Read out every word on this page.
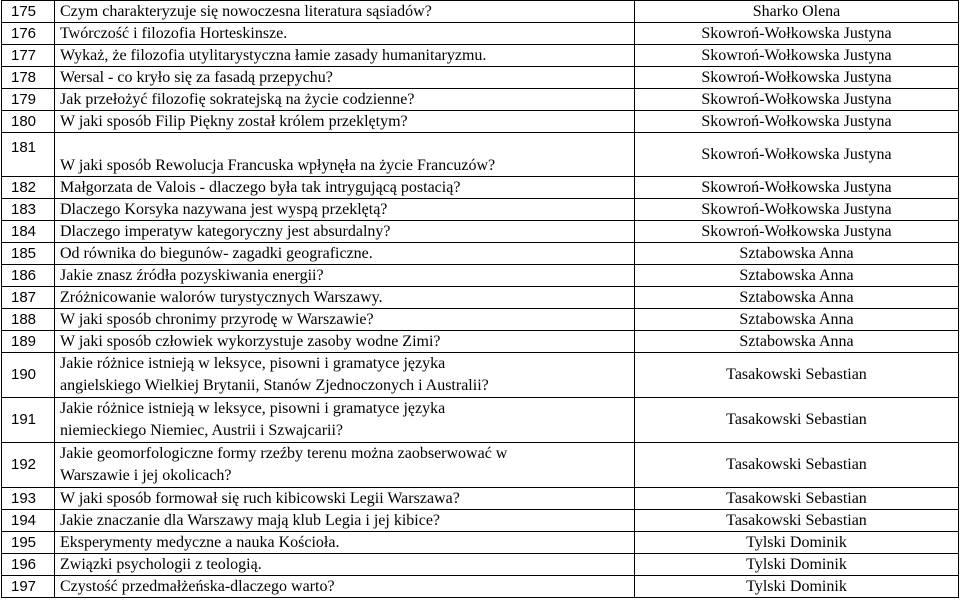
175	Czym charakteryzuje się nowoczesna literatura sąsiadów?	Sharko Olena
176	Twórczość i filozofia Horteskinsze.	Skowroń-Wołkowska Justyna
177	Wykaż, że filozofia utylitarystyczna łamie zasady humanitaryzmu.	Skowroń-Wołkowska Justyna
178	Wersal - co kryło się za fasadą przepychu?	Skowroń-Wołkowska Justyna
179	Jak przełożyć filozofię sokratejską na życie codzienne?	Skowroń-Wołkowska Justyna
180	W jaki sposób Filip Piękny został królem przeklętym?	Skowroń-Wołkowska Justyna
181	W jaki sposób Rewolucja Francuska wpłynęła na życie Francuzów?	Skowroń-Wołkowska Justyna
182	Małgorzata de Valois - dlaczego była tak intrygującą postacią?	Skowroń-Wołkowska Justyna
183	Dlaczego Korsyka nazywana jest wyspą przeklętą?	Skowroń-Wołkowska Justyna
184	Dlaczego imperatyw kategoryczny jest absurdalny?	Skowroń-Wołkowska Justyna
185	Od równika do biegunów- zagadki geograficzne.	Sztabowska Anna
186	Jakie znasz źródła pozyskiwania energii?	Sztabowska Anna
187	Zróżnicowanie walorów turystycznych Warszawy.	Sztabowska Anna
188	W jaki sposób chronimy przyrodę w Warszawie?	Sztabowska Anna
189	W jaki sposób człowiek wykorzystuje zasoby wodne Zimi?	Sztabowska Anna
190	Jakie różnice istnieją w leksyce, pisowni i gramatyce języka
angielskiego Wielkiej Brytanii, Stanów Zjednoczonych i Australii?	Tasakowski Sebastian
191	Jakie różnice istnieją w leksyce, pisowni i gramatyce języka
niemieckiego Niemiec, Austrii i Szwajcarii?	Tasakowski Sebastian
192	Jakie geomorfologiczne formy rzeźby terenu można zaobserwować w
Warszawie i jej okolicach?	Tasakowski Sebastian
193	W jaki sposób formował się ruch kibicowski Legii Warszawa?	Tasakowski Sebastian
194	Jakie znaczanie dla Warszawy mają klub Legia i jej kibice?	Tasakowski Sebastian
195	Eksperymenty medyczne a nauka Kościoła.	Tylski Dominik
196	Związki psychologii z teologią.	Tylski Dominik
197	Czystość przedmałżeńska-dlaczego warto?	Tylski Dominik
